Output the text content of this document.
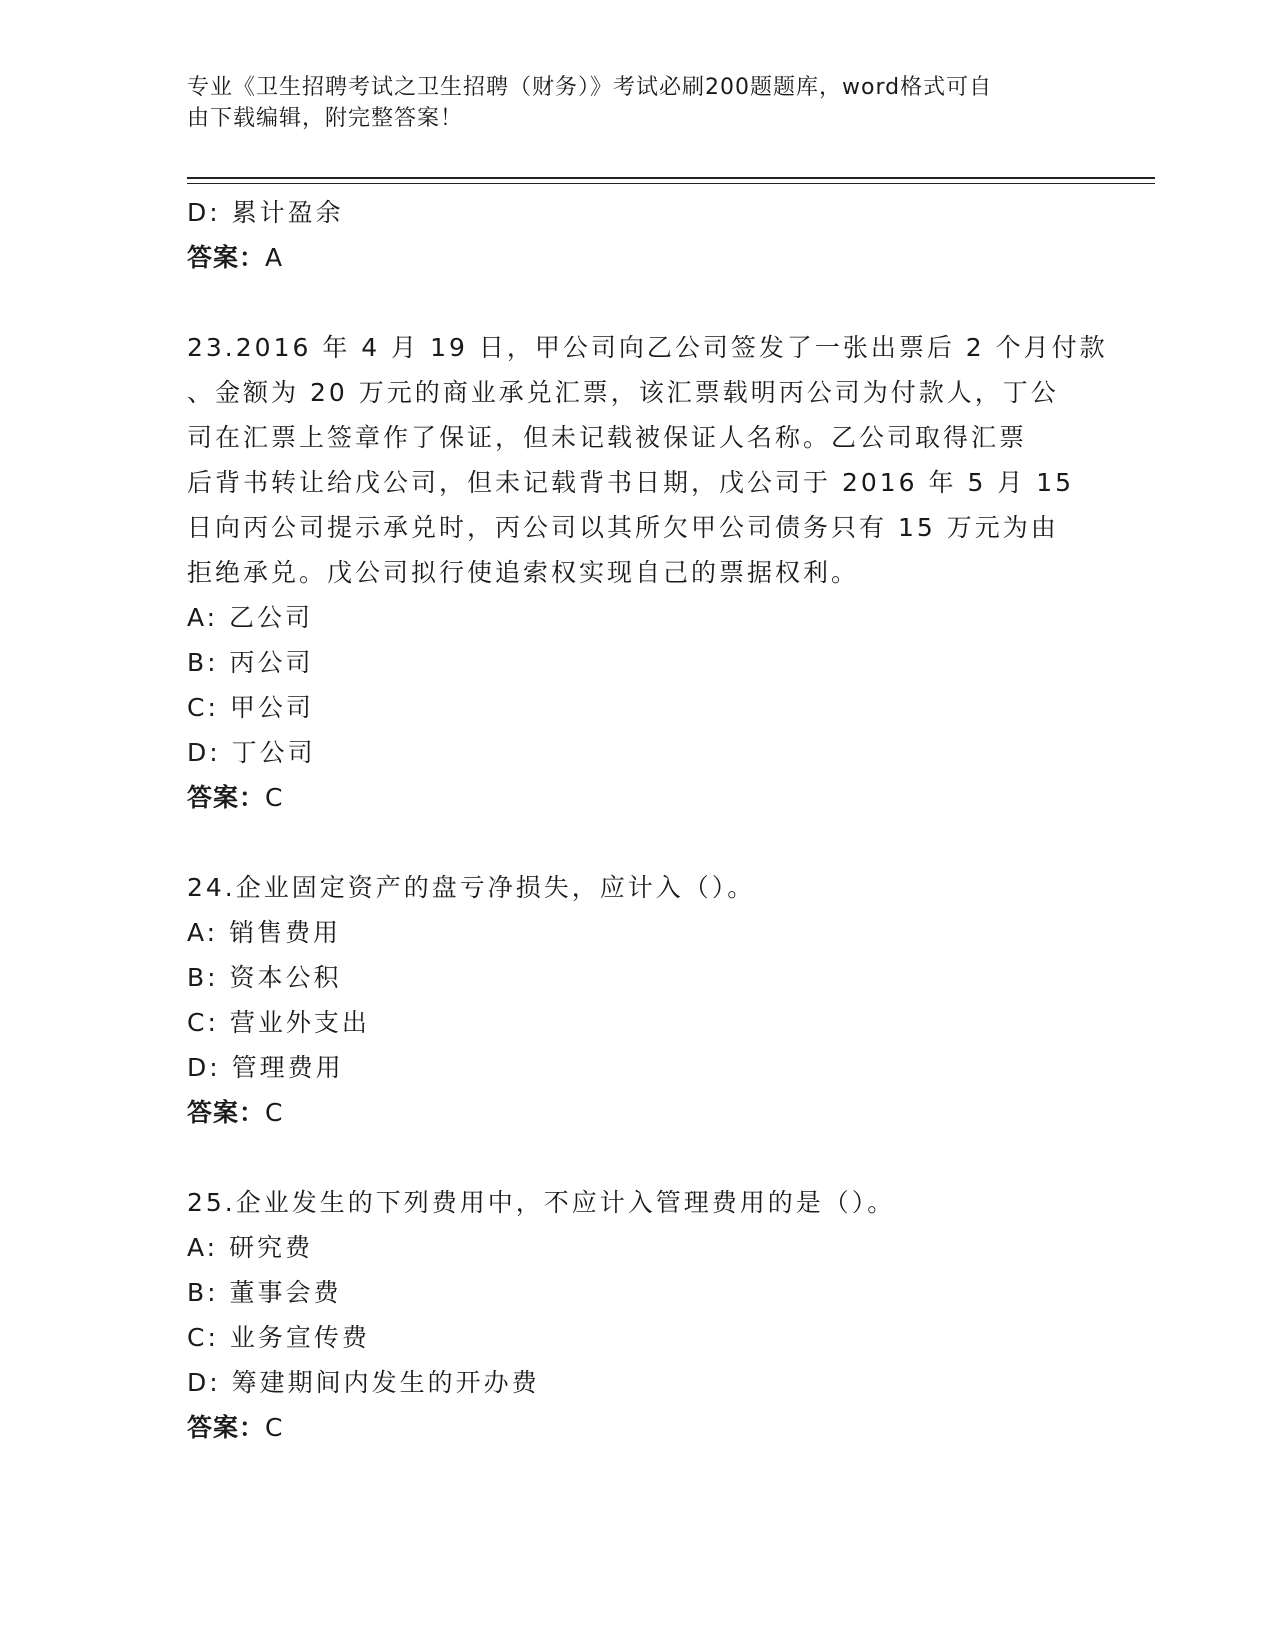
专业《卫生招聘考试之卫生招聘（财务）》考试必刷200题题库，word格式可自
由下载编辑，附完整答案！
D: 累计盈余
答案：A
23.2016 年 4 月 19 日，甲公司向乙公司签发了一张出票后 2 个月付款
、金额为 20 万元的商业承兑汇票，该汇票载明丙公司为付款人，丁公
司在汇票上签章作了保证，但未记载被保证人名称。乙公司取得汇票
后背书转让给戊公司，但未记载背书日期，戊公司于 2016 年 5 月 15
日向丙公司提示承兑时，丙公司以其所欠甲公司债务只有 15 万元为由
拒绝承兑。戊公司拟行使追索权实现自己的票据权利。
A: 乙公司
B: 丙公司
C: 甲公司
D: 丁公司
答案：C
24.企业固定资产的盘亏净损失，应计入（）。
A: 销售费用
B: 资本公积
C: 营业外支出
D: 管理费用
答案：C
25.企业发生的下列费用中，不应计入管理费用的是（）。
A: 研究费
B: 董事会费
C: 业务宣传费
D: 筹建期间内发生的开办费
答案：C
